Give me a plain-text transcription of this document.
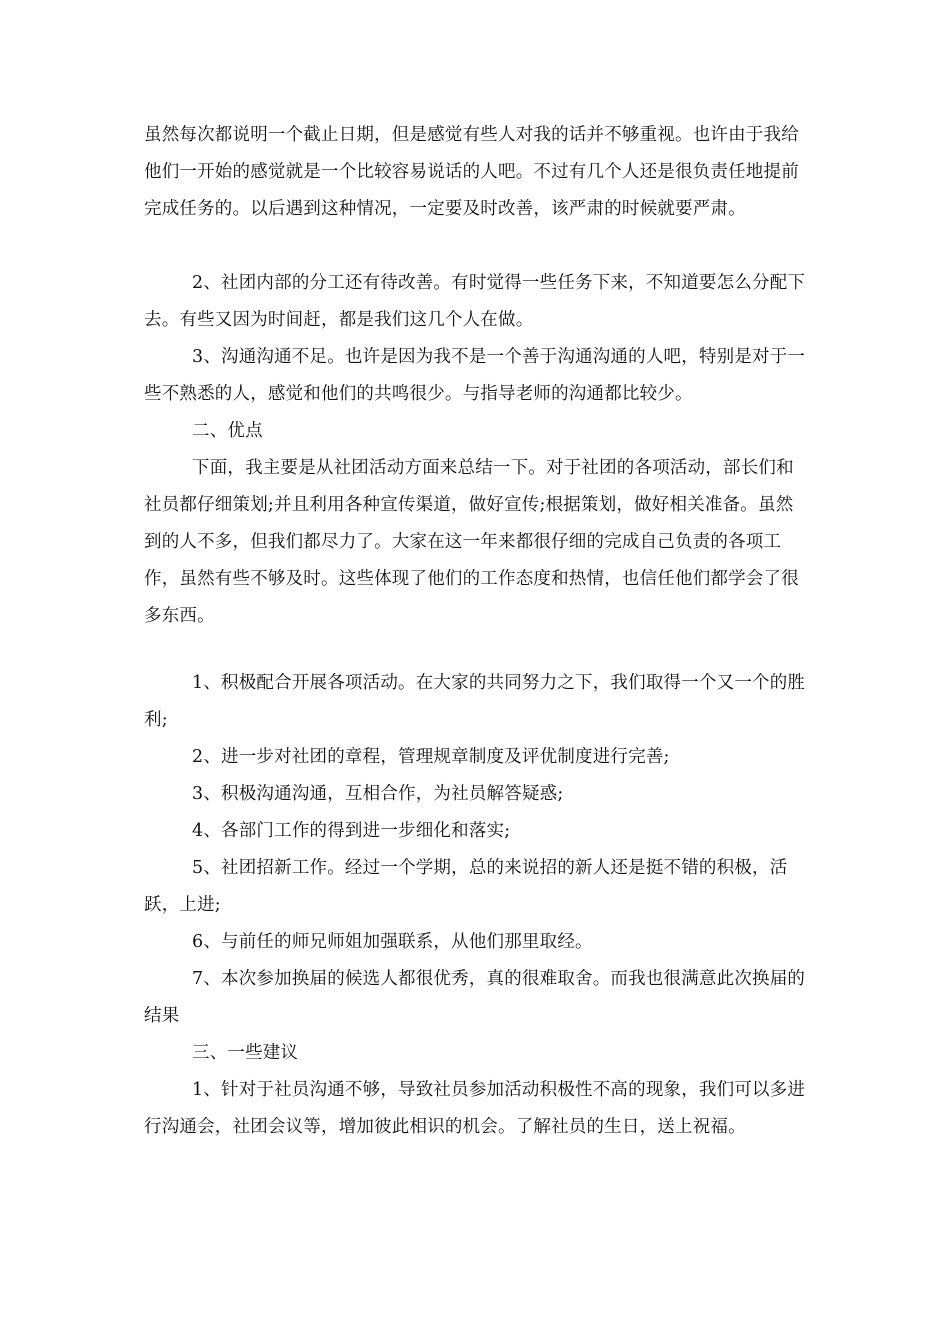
虽然每次都说明一个截止日期，但是感觉有些人对我的话并不够重视。也许由于我给他们一开始的感觉就是一个比较容易说话的人吧。不过有几个人还是很负责任地提前完成任务的。以后遇到这种情况，一定要及时改善，该严肃的时候就要严肃。

2、社团内部的分工还有待改善。有时觉得一些任务下来，不知道要怎么分配下去。有些又因为时间赶，都是我们这几个人在做。

3、沟通沟通不足。也许是因为我不是一个善于沟通沟通的人吧，特别是对于一些不熟悉的人，感觉和他们的共鸣很少。与指导老师的沟通都比较少。

二、优点

下面，我主要是从社团活动方面来总结一下。对于社团的各项活动，部长们和社员都仔细策划;并且利用各种宣传渠道，做好宣传;根据策划，做好相关准备。虽然到的人不多，但我们都尽力了。大家在这一年来都很仔细的完成自己负责的各项工作，虽然有些不够及时。这些体现了他们的工作态度和热情，也信任他们都学会了很多东西。

1、积极配合开展各项活动。在大家的共同努力之下，我们取得一个又一个的胜利;

2、进一步对社团的章程，管理规章制度及评优制度进行完善;

3、积极沟通沟通，互相合作，为社员解答疑惑;

4、各部门工作的得到进一步细化和落实;

5、社团招新工作。经过一个学期，总的来说招的新人还是挺不错的积极，活跃，上进;

6、与前任的师兄师姐加强联系，从他们那里取经。

7、本次参加换届的候选人都很优秀，真的很难取舍。而我也很满意此次换届的结果

三、一些建议

1、针对于社员沟通不够，导致社员参加活动积极性不高的现象，我们可以多进行沟通会，社团会议等，增加彼此相识的机会。了解社员的生日，送上祝福。
